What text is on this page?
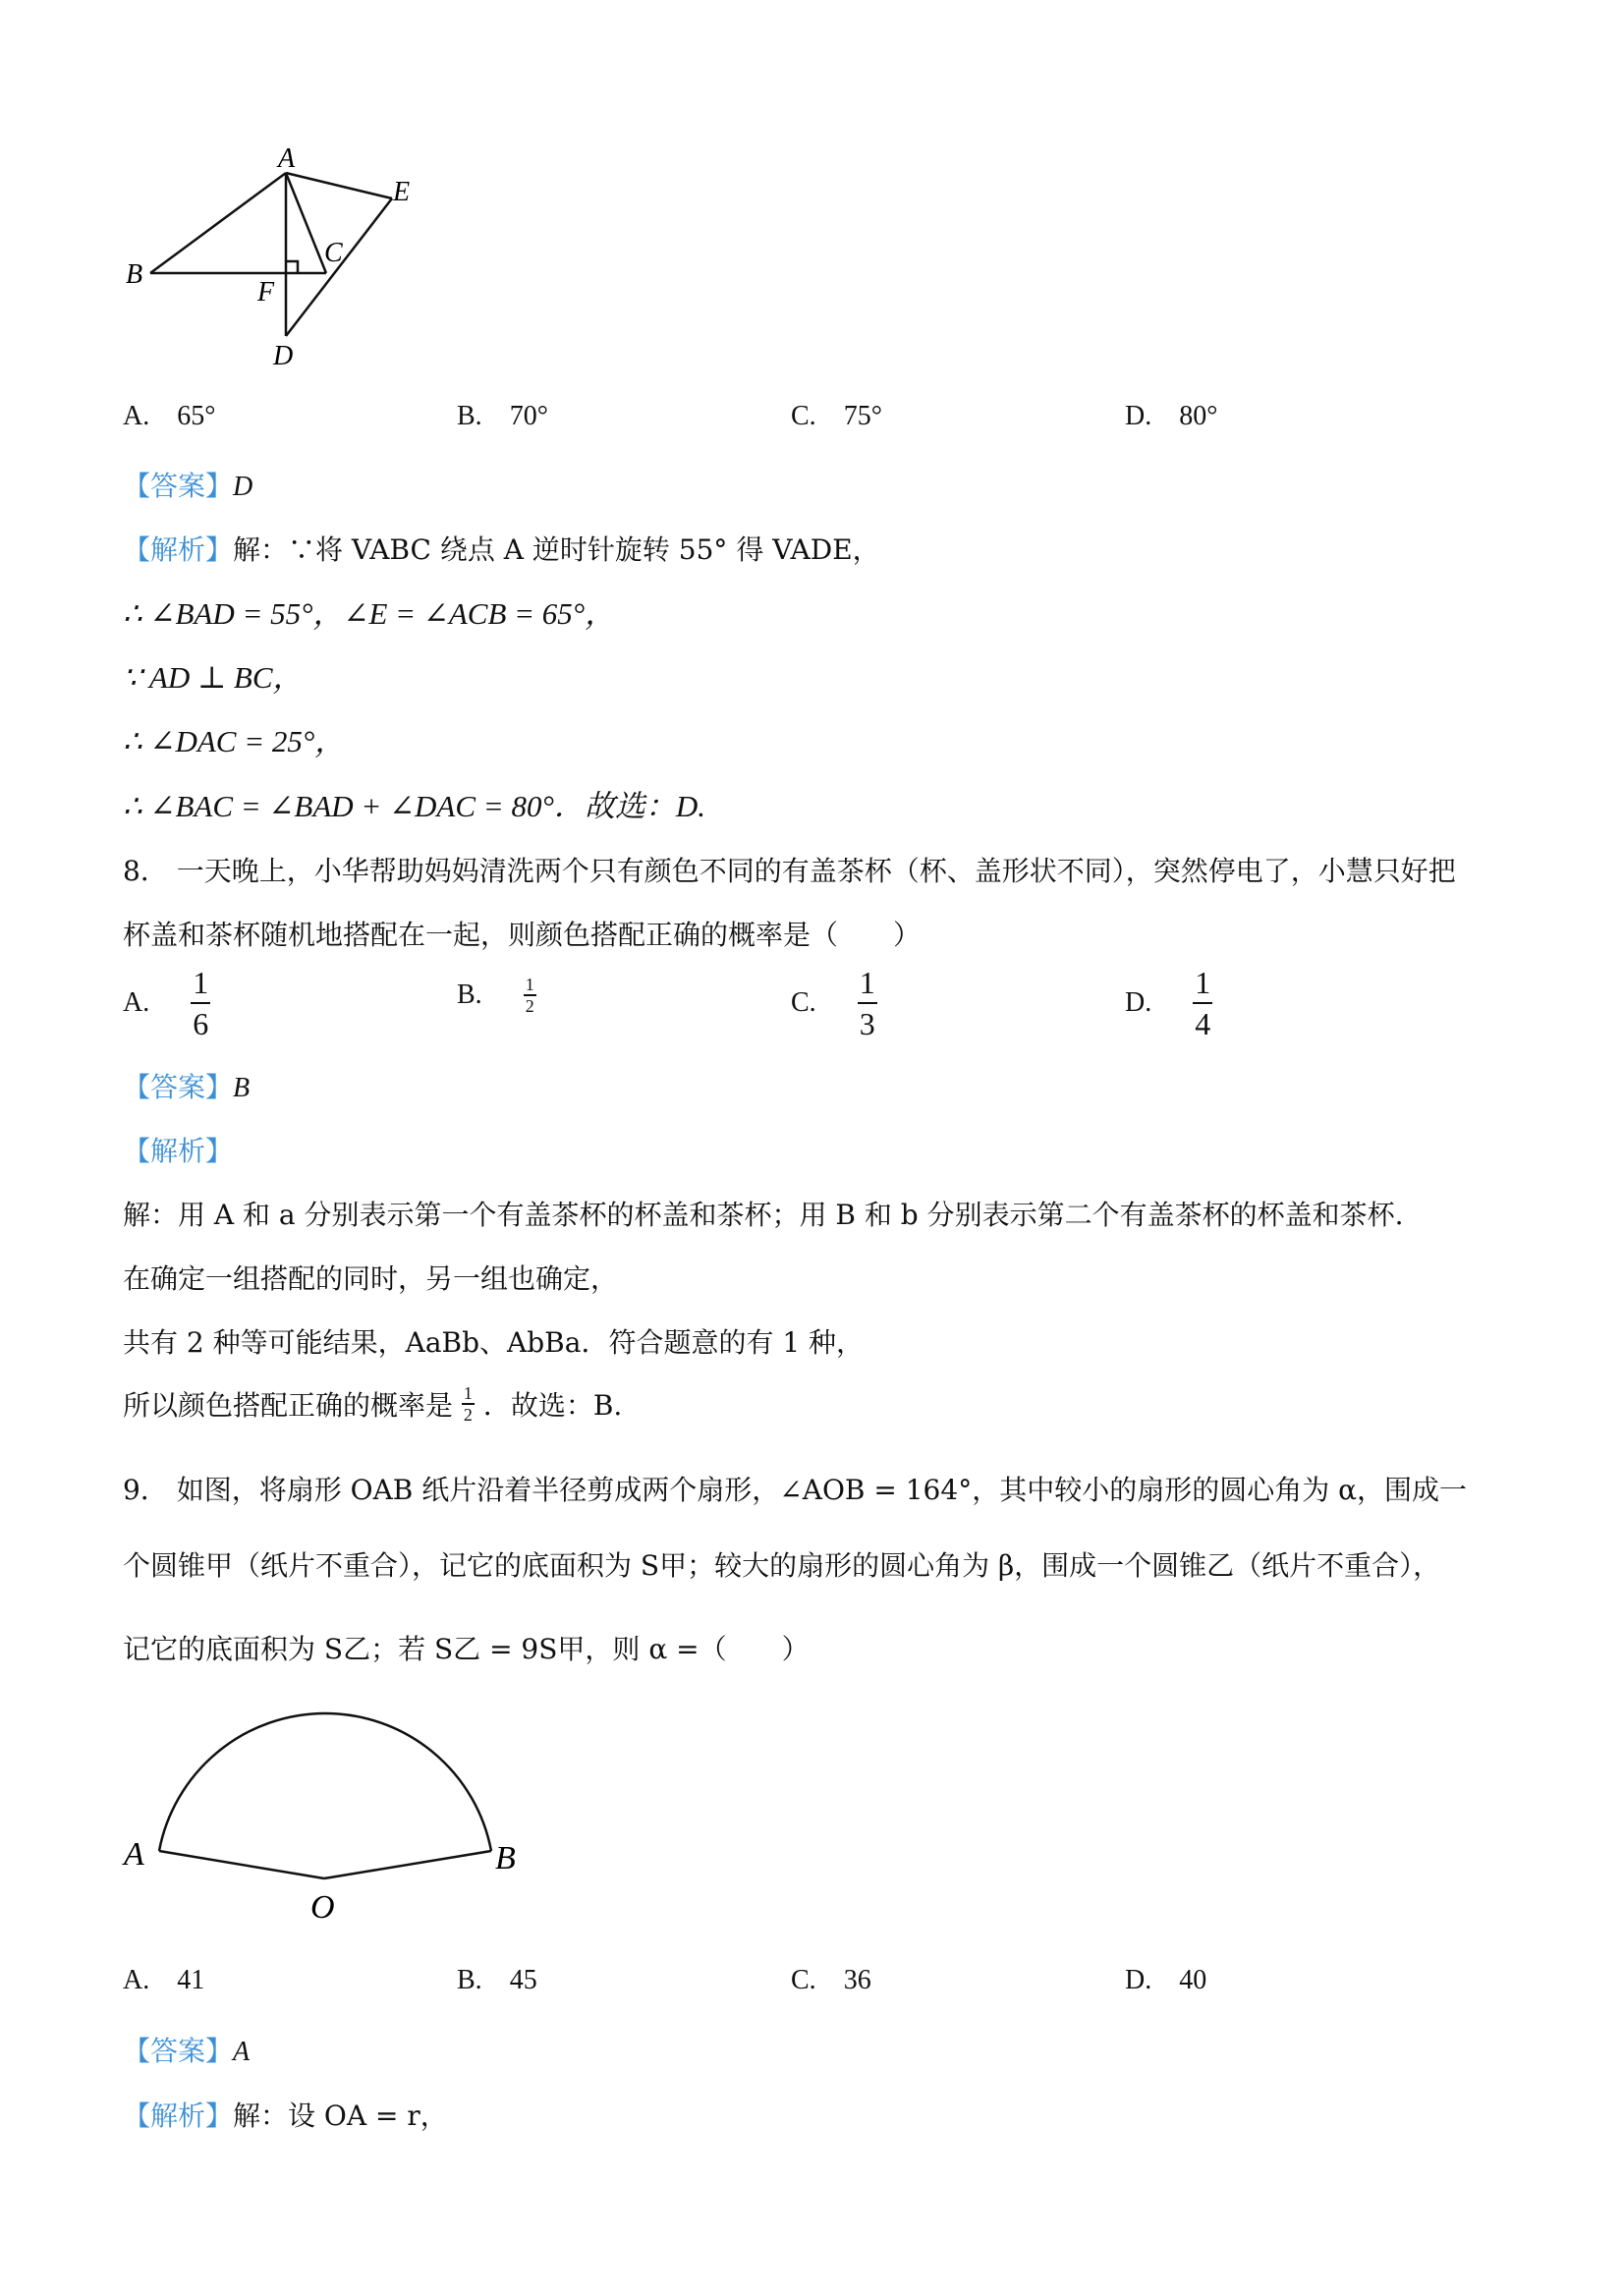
A
B
C
D
E
F
A. 65°	B. 70°	C. 75°	D. 80°
【答案】D
【解析】解：∵将 VABC 绕点 A 逆时针旋转 55° 得 VADE，
∴ ∠BAD = 55°，∠E = ∠ACB = 65°，
∵ AD ⊥ BC，
∴ ∠DAC = 25°，
∴ ∠BAC = ∠BAD + ∠DAC = 80°．故选：D.
8． 一天晚上，小华帮助妈妈清洗两个只有颜色不同的有盖茶杯（杯、盖形状不同），突然停电了，小慧只好把
杯盖和茶杯随机地搭配在一起，则颜色搭配正确的概率是（　　）
A. $\frac{1}{6}$	B. $\frac{1}{2}$	C. $\frac{1}{3}$	D. $\frac{1}{4}$
【答案】B
【解析】
解：用 A 和 a 分别表示第一个有盖茶杯的杯盖和茶杯；用 B 和 b 分别表示第二个有盖茶杯的杯盖和茶杯.
在确定一组搭配的同时，另一组也确定，
共有 2 种等可能结果，AaBb、AbBa．符合题意的有 1 种，
所以颜色搭配正确的概率是 $\frac{1}{2}$ ．故选：B.
9． 如图，将扇形 OAB 纸片沿着半径剪成两个扇形，∠AOB = 164°，其中较小的扇形的圆心角为 α，围成一
个圆锥甲（纸片不重合），记它的底面积为 S甲；较大的扇形的圆心角为 β，围成一个圆锥乙（纸片不重合），
记它的底面积为 S乙；若 S乙 = 9S甲，则 α =（　　）
A	B
O
A. 41	B. 45	C. 36	D. 40
【答案】A
【解析】解：设 OA = r，
